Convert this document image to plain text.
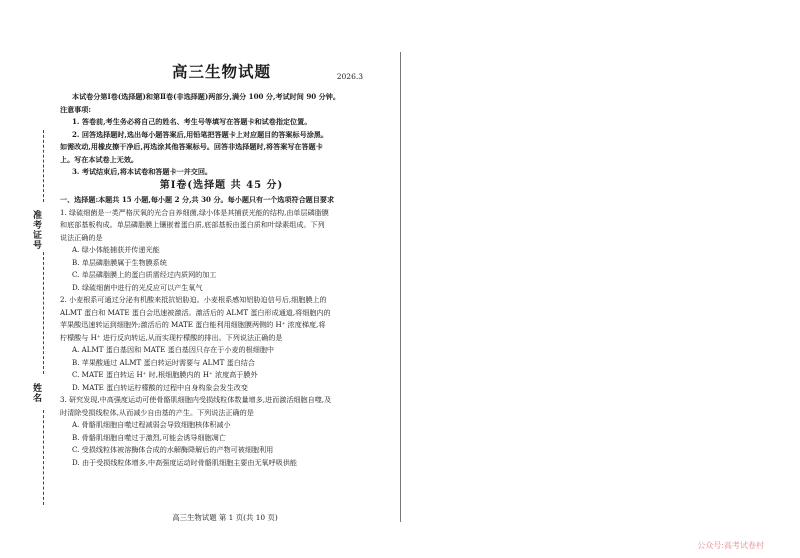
准考证号
姓名
高三生物试题	2026.3

本试卷分第Ⅰ卷(选择题)和第Ⅱ卷(非选择题)两部分,满分 100 分,考试时间 90 分钟。

注意事项:

1. 答卷前,考生务必将自己的姓名、考生号等填写在答题卡和试卷指定位置。

2. 回答选择题时,选出每小题答案后,用铅笔把答题卡上对应题目的答案标号涂黑。

如需改动,用橡皮擦干净后,再选涂其他答案标号。回答非选择题时,将答案写在答题卡

上。写在本试卷上无效。

3. 考试结束后,将本试卷和答题卡一并交回。

第Ⅰ卷(选择题 共 45 分)

一、选择题:本题共 15 小题,每小题 2 分,共 30 分。每小题只有一个选项符合题目要求

1. 绿硫细菌是一类严格厌氧的光合自养细菌,绿小体是其捕获光能的结构,由单层磷脂膜

和底部基板构成。单层磷脂膜上镶嵌着蛋白质,底部基板由蛋白质和叶绿素组成。下列

说法正确的是

A. 绿小体能捕获并传递光能

B. 单层磷脂膜属于生物膜系统

C. 单层磷脂膜上的蛋白质需经过内质网的加工

D. 绿硫细菌中进行的光反应可以产生氧气

2. 小麦根系可通过分泌有机酸来抵抗铝胁迫。小麦根系感知铝胁迫信号后,细胞膜上的

ALMT 蛋白和 MATE 蛋白会迅速被激活。激活后的 ALMT 蛋白形成通道,将细胞内的

苹果酸迅速转运到细胞外;激活后的 MATE 蛋白能利用细胞膜两侧的 H⁺ 浓度梯度,将

柠檬酸与 H⁺ 进行反向转运,从而实现柠檬酸的排出。下列说法正确的是

A. ALMT 蛋白基因和 MATE 蛋白基因只存在于小麦的根细胞中

B. 苹果酸通过 ALMT 蛋白转运时需要与 ALMT 蛋白结合

C. MATE 蛋白转运 H⁺ 时,根细胞膜内的 H⁺ 浓度高于膜外

D. MATE 蛋白转运柠檬酸的过程中自身构象会发生改变

3. 研究发现,中高强度运动可使骨骼肌细胞内受损线粒体数量增多,进而激活细胞自噬,及

时清除受损线粒体,从而减少自由基的产生。下列说法正确的是

A. 骨骼肌细胞自噬过程减弱会导致细胞核体积减小

B. 骨骼肌细胞自噬过于激烈,可能会诱导细胞凋亡

C. 受损线粒体被溶酶体合成的水解酶降解后的产物可被细胞利用

D. 由于受损线粒体增多,中高强度运动时骨骼肌细胞主要由无氧呼吸供能

高三生物试题 第 1 页(共 10 页)
公众号:高考试卷村
